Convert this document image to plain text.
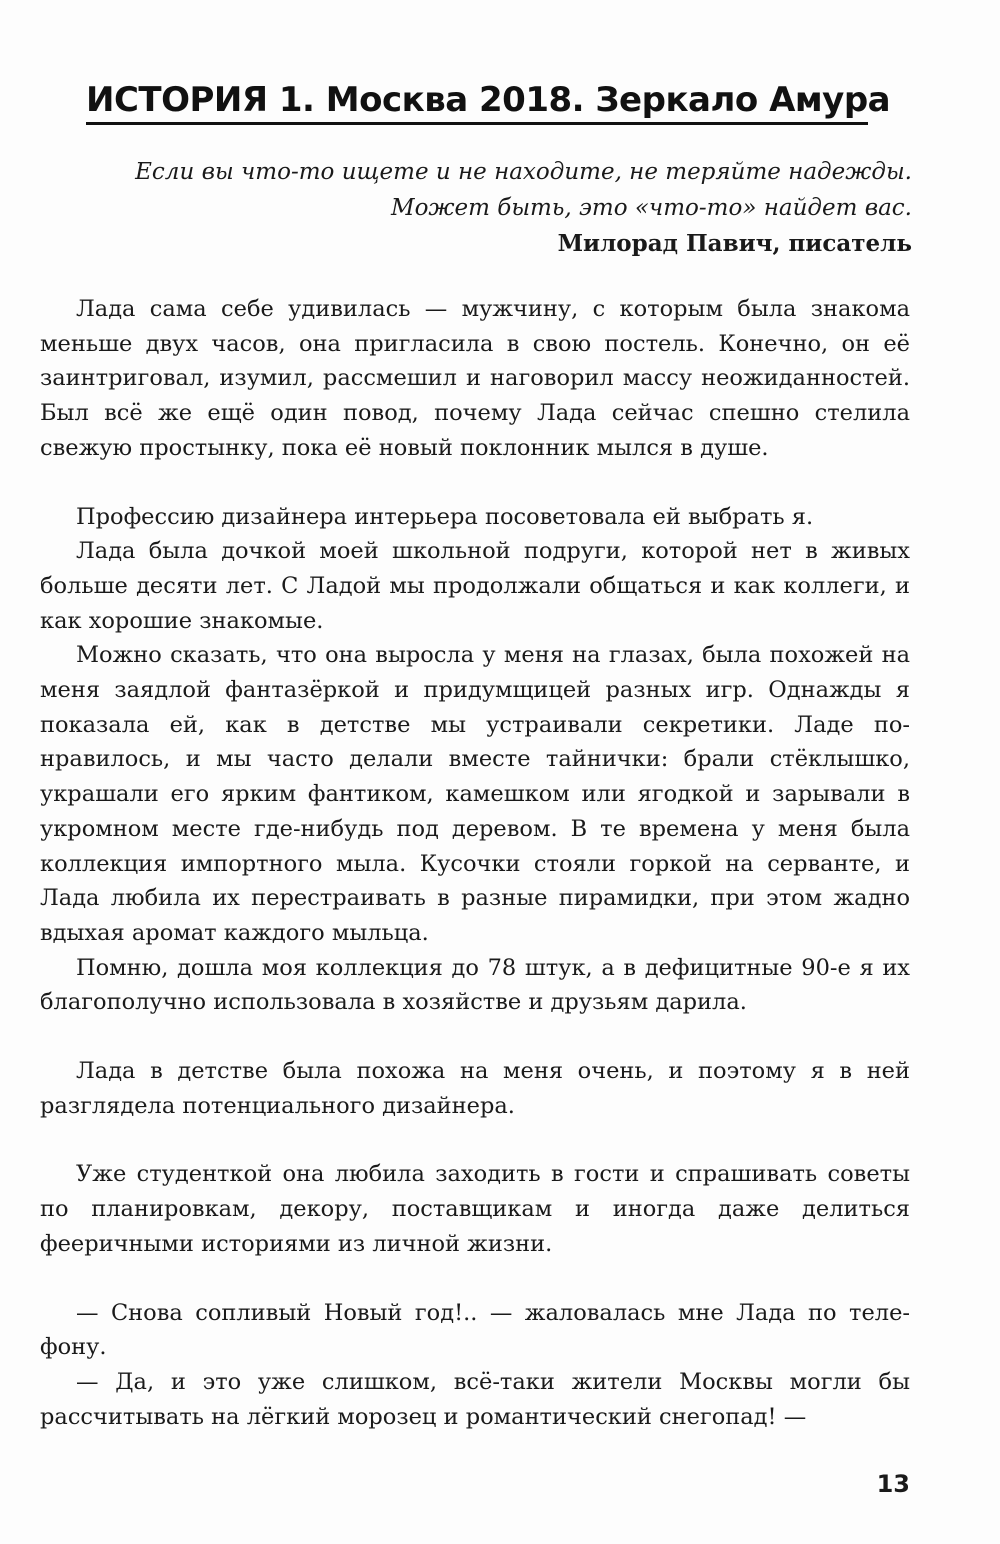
ИСТОРИЯ 1. Москва 2018. Зеркало Амура
Если вы что-то ищете и не находите, не теряйте надежды.
Может быть, это «что-то» найдет вас.
Милорад Павич, писатель

Лада сама себе удивилась — мужчину, с которым была знакома меньше двух часов, она пригласила в свою постель. Конечно, он её заинтриговал, изумил, рассмешил и наговорил массу неожиданностей. Был всё же ещё один повод, почему Лада сейчас спешно стелила свежую простынку, пока её новый поклонник мылся в душе.

Профессию дизайнера интерьера посоветовала ей выбрать я.

Лада была дочкой моей школьной подруги, которой нет в живых больше десяти лет. С Ладой мы продолжали общаться и как коллеги, и как хорошие знакомые.

Можно сказать, что она выросла у меня на глазах, была похожей на меня заядлой фантазёркой и придумщицей разных игр. Однажды я показала ей, как в детстве мы устраивали секретики. Ладе понравилось, и мы часто делали вместе тайнички: брали стёклышко, украшали его ярким фантиком, камешком или ягодкой и зарывали в укромном месте где-нибудь под деревом. В те времена у меня была коллекция импортного мыла. Кусочки стояли горкой на серванте, и Лада любила их перестраивать в разные пирамидки, при этом жадно вдыхая аромат каждого мыльца.

Помню, дошла моя коллекция до 78 штук, а в дефицитные 90-е я их благополучно использовала в хозяйстве и друзьям дарила.

Лада в детстве была похожа на меня очень, и поэтому я в ней разглядела потенциального дизайнера.

Уже студенткой она любила заходить в гости и спрашивать советы по планировкам, декору, поставщикам и иногда даже делиться фееричными историями из личной жизни.

— Снова сопливый Новый год!.. — жаловалась мне Лада по телефону.

— Да, и это уже слишком, всё-таки жители Москвы могли бы рассчитывать на лёгкий морозец и романтический снегопад! —

13
